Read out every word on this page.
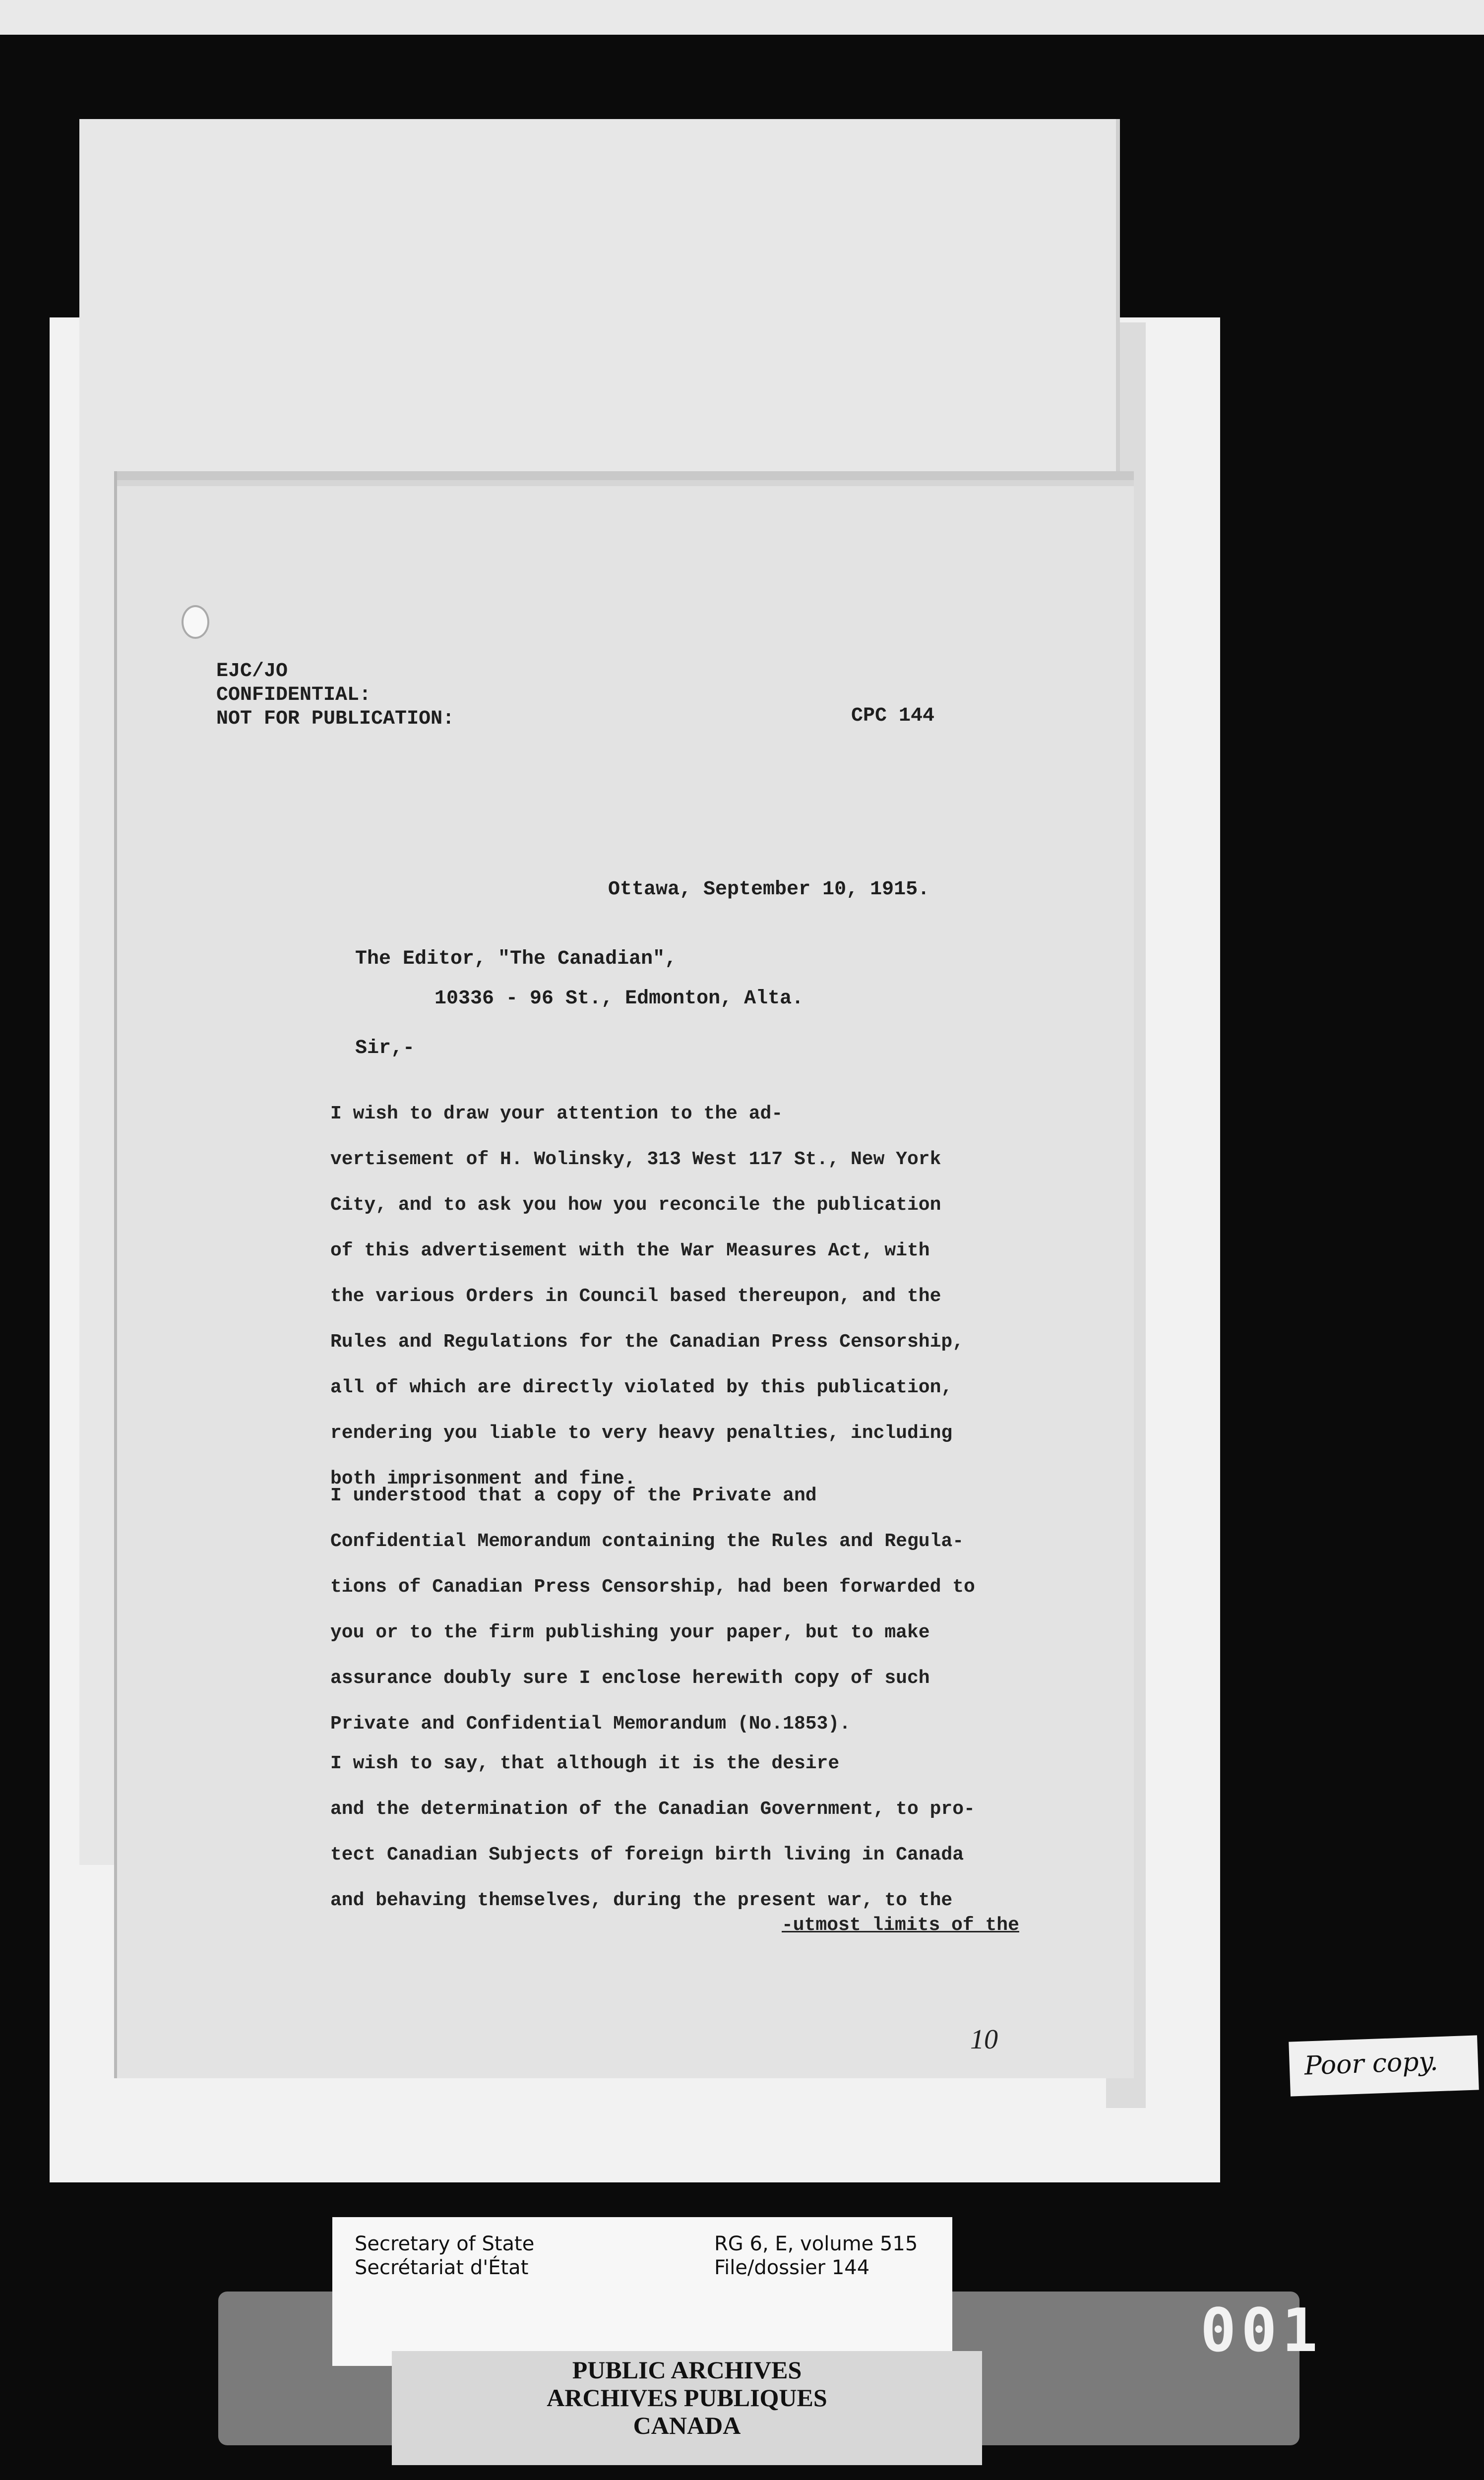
EJC/JO
CONFIDENTIAL:
NOT FOR PUBLICATION:	CPC 144
Ottawa, September 10, 1915.
The Editor, "The Canadian",
10336 - 96 St., Edmonton, Alta.
Sir,-
I wish to draw your attention to the ad-
vertisement of H. Wolinsky, 313 West 117 St., New York
City, and to ask you how you reconcile the publication
of this advertisement with the War Measures Act, with
the various Orders in Council based thereupon, and the
Rules and Regulations for the Canadian Press Censorship,
all of which are directly violated by this publication,
rendering you liable to very heavy penalties, including
both imprisonment and fine.
I understood that a copy of the Private and
Confidential Memorandum containing the Rules and Regula-
tions of Canadian Press Censorship, had been forwarded to
you or to the firm publishing your paper, but to make
assurance doubly sure I enclose herewith copy of such
Private and Confidential Memorandum (No.1853).
I wish to say, that although it is the desire
and the determination of the Canadian Government, to pro-
tect Canadian Subjects of foreign birth living in Canada
and behaving themselves, during the present war, to the
-utmost limits of the
10
Poor copy.
Secretary of State
Secrétariat d'État
RG 6, E, volume 515
File/dossier 144
PUBLIC ARCHIVES
ARCHIVES PUBLIQUES
CANADA
001
